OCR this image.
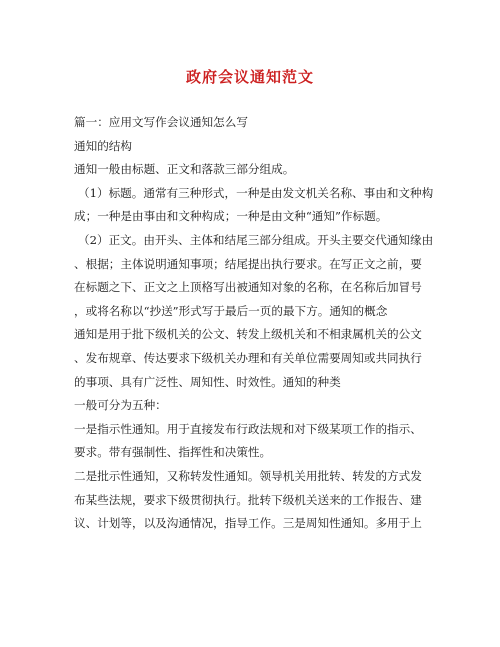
政府会议通知范文
篇一：应用文写作会议通知怎么写
通知的结构
通知一般由标题、正文和落款三部分组成。
（1）标题。通常有三种形式，一种是由发文机关名称、事由和文种构
成；一种是由事由和文种构成；一种是由文种“通知”作标题。
（2）正文。由开头、主体和结尾三部分组成。开头主要交代通知缘由
、根据；主体说明通知事项；结尾提出执行要求。在写正文之前，要
在标题之下、正文之上顶格写出被通知对象的名称，在名称后加冒号
，或将名称以“抄送”形式写于最后一页的最下方。通知的概念
通知是用于批下级机关的公文、转发上级机关和不相隶属机关的公文
、发布规章、传达要求下级机关办理和有关单位需要周知或共同执行
的事项、具有广泛性、周知性、时效性。通知的种类
一般可分为五种：
一是指示性通知。用于直接发布行政法规和对下级某项工作的指示、
要求。带有强制性、指挥性和决策性。
二是批示性通知，又称转发性通知。领导机关用批转、转发的方式发
布某些法规，要求下级贯彻执行。批转下级机关送来的工作报告、建
议、计划等，以及沟通情况，指导工作。三是周知性通知。多用于上
